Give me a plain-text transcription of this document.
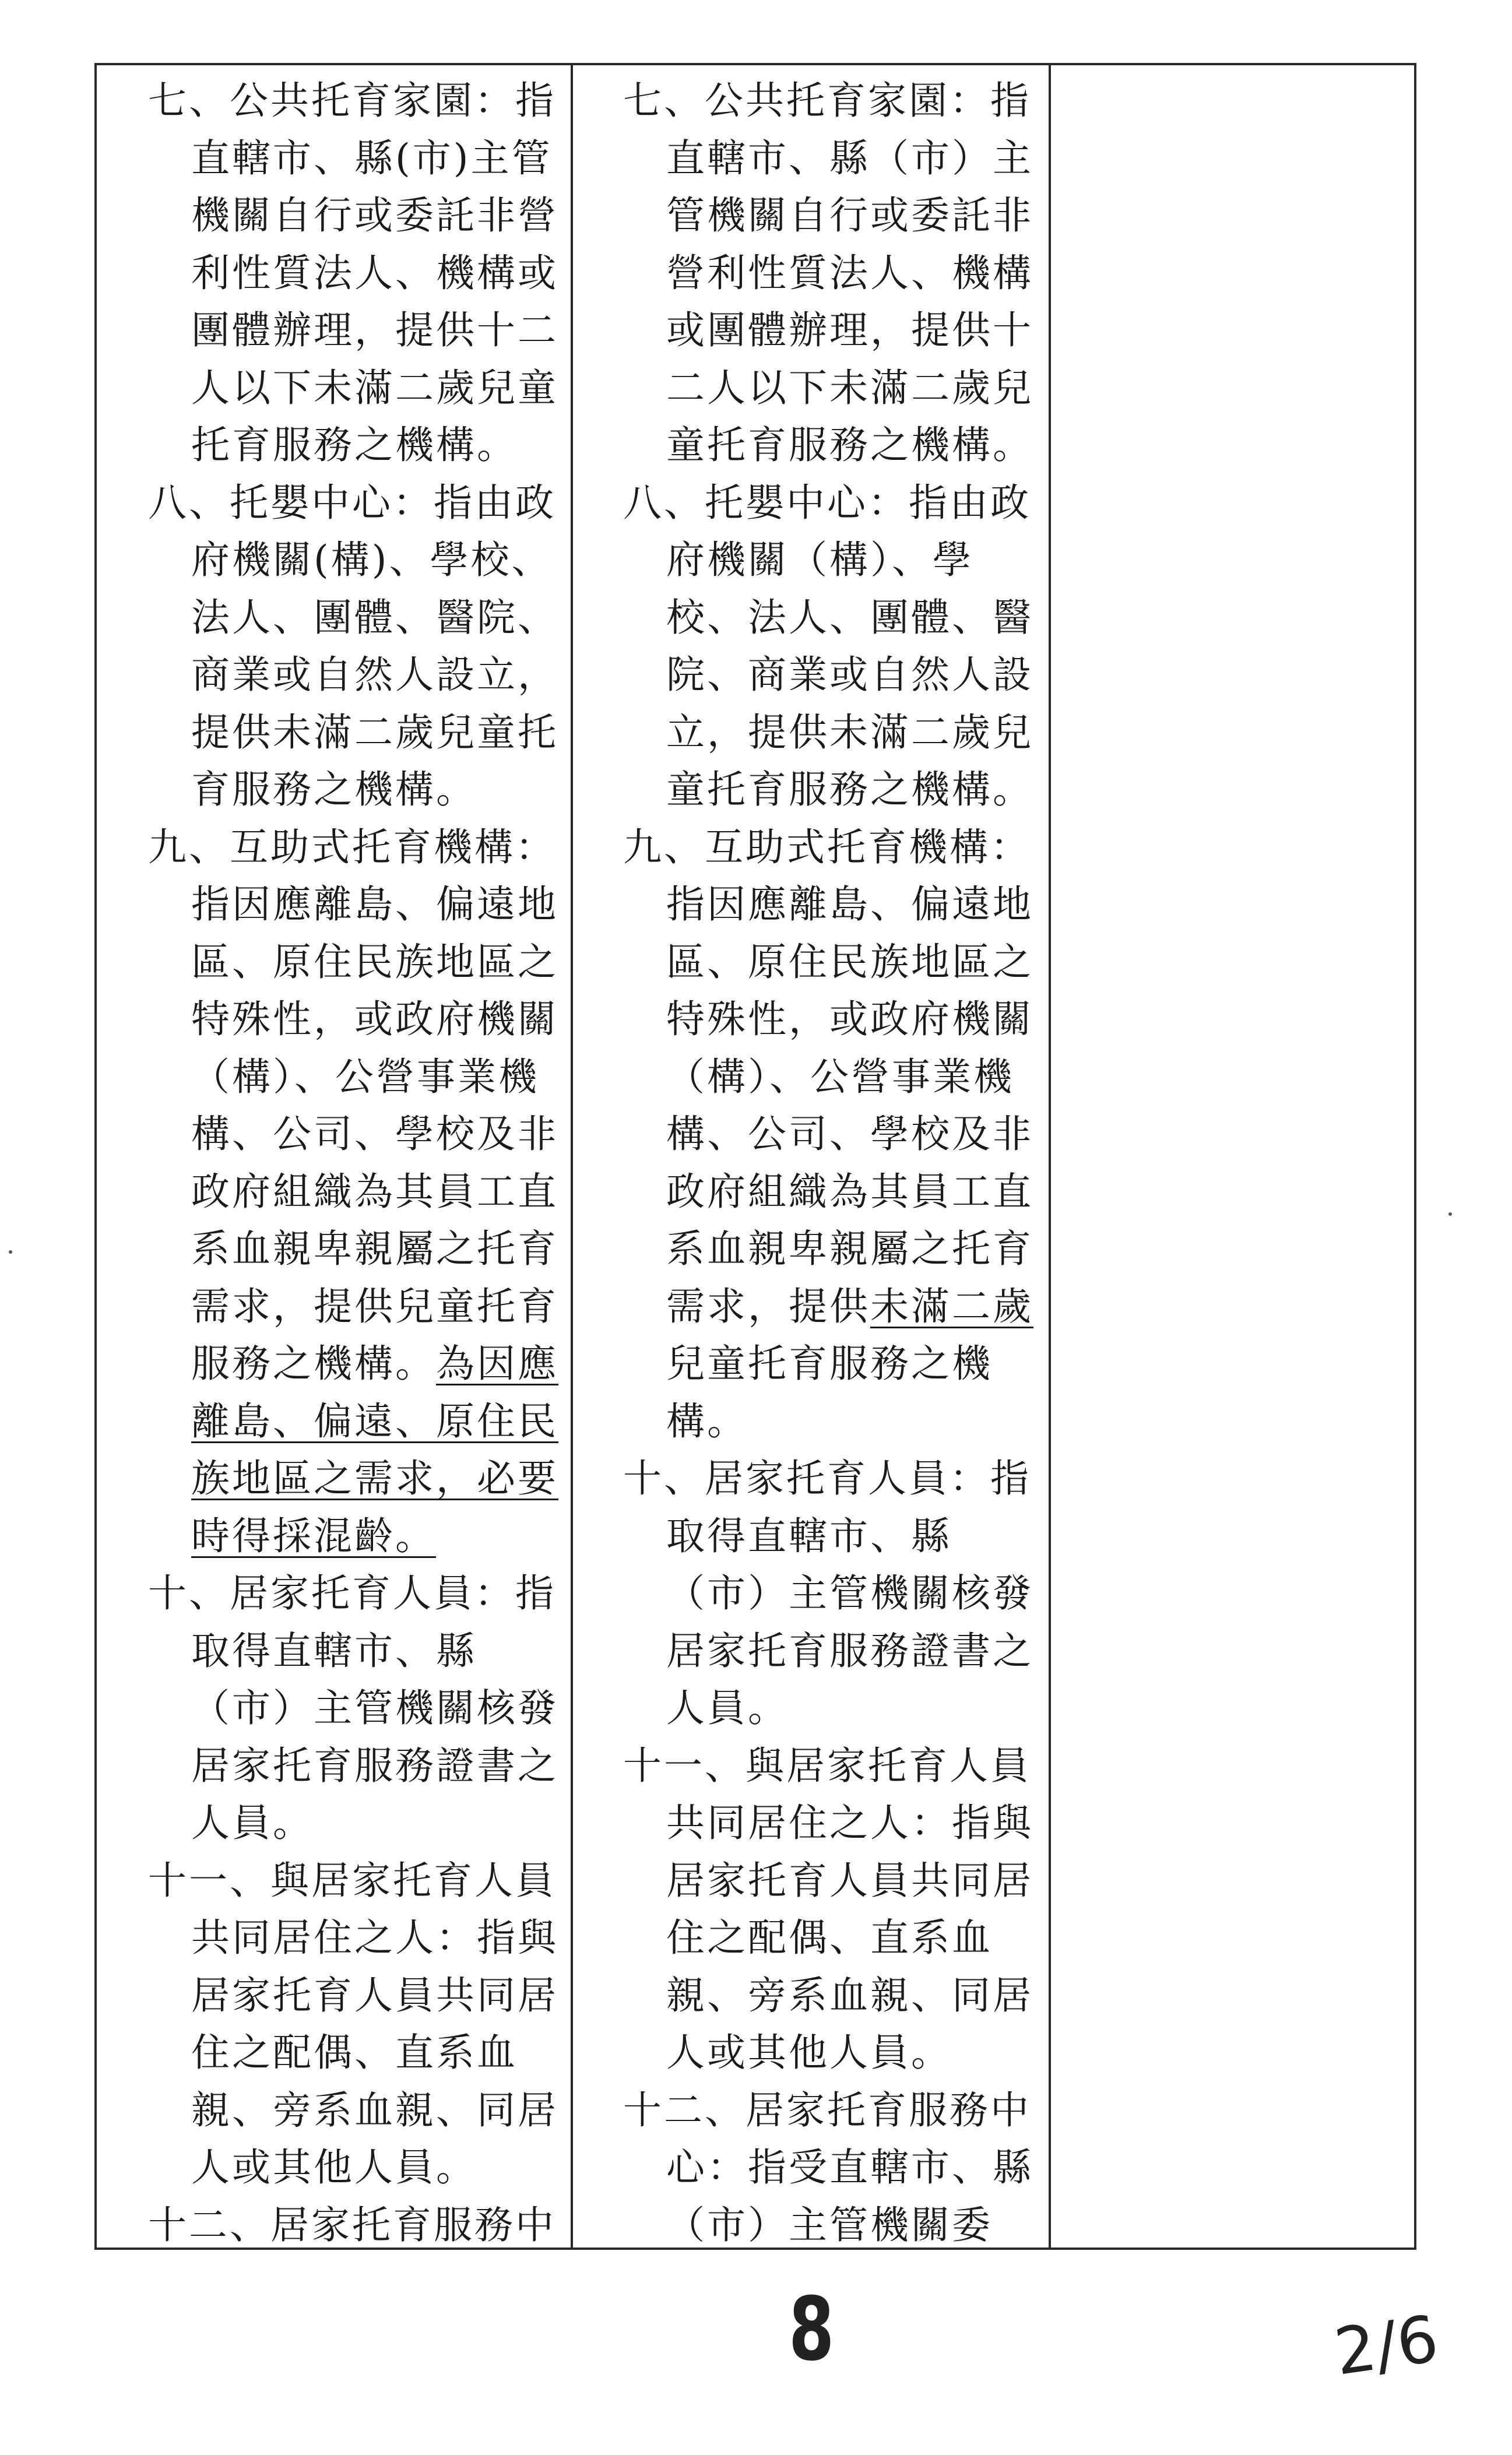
七、公共托育家園：指
直轄市、縣(市)主管
機關自行或委託非營
利性質法人、機構或
團體辦理，提供十二
人以下未滿二歲兒童
托育服務之機構。
八、托嬰中心：指由政
府機關(構)、學校、
法人、團體、醫院、
商業或自然人設立，
提供未滿二歲兒童托
育服務之機構。
九、互助式托育機構：
指因應離島、偏遠地
區、原住民族地區之
特殊性，或政府機關
（構）、公營事業機
構、公司、學校及非
政府組織為其員工直
系血親卑親屬之托育
需求，提供兒童托育
服務之機構。為因應
離島、偏遠、原住民
族地區之需求，必要
時得採混齡。
十、居家托育人員：指
取得直轄市、縣
（市）主管機關核發
居家托育服務證書之
人員。
十一、與居家托育人員
共同居住之人：指與
居家托育人員共同居
住之配偶、直系血
親、旁系血親、同居
人或其他人員。
十二、居家托育服務中
七、公共托育家園：指
直轄市、縣（市）主
管機關自行或委託非
營利性質法人、機構
或團體辦理，提供十
二人以下未滿二歲兒
童托育服務之機構。
八、托嬰中心：指由政
府機關（構）、學
校、法人、團體、醫
院、商業或自然人設
立，提供未滿二歲兒
童托育服務之機構。
九、互助式托育機構：
指因應離島、偏遠地
區、原住民族地區之
特殊性，或政府機關
（構）、公營事業機
構、公司、學校及非
政府組織為其員工直
系血親卑親屬之托育
需求，提供未滿二歲
兒童托育服務之機
構。
十、居家托育人員：指
取得直轄市、縣
（市）主管機關核發
居家托育服務證書之
人員。
十一、與居家托育人員
共同居住之人：指與
居家托育人員共同居
住之配偶、直系血
親、旁系血親、同居
人或其他人員。
十二、居家托育服務中
心：指受直轄市、縣
（市）主管機關委
8	2/6
